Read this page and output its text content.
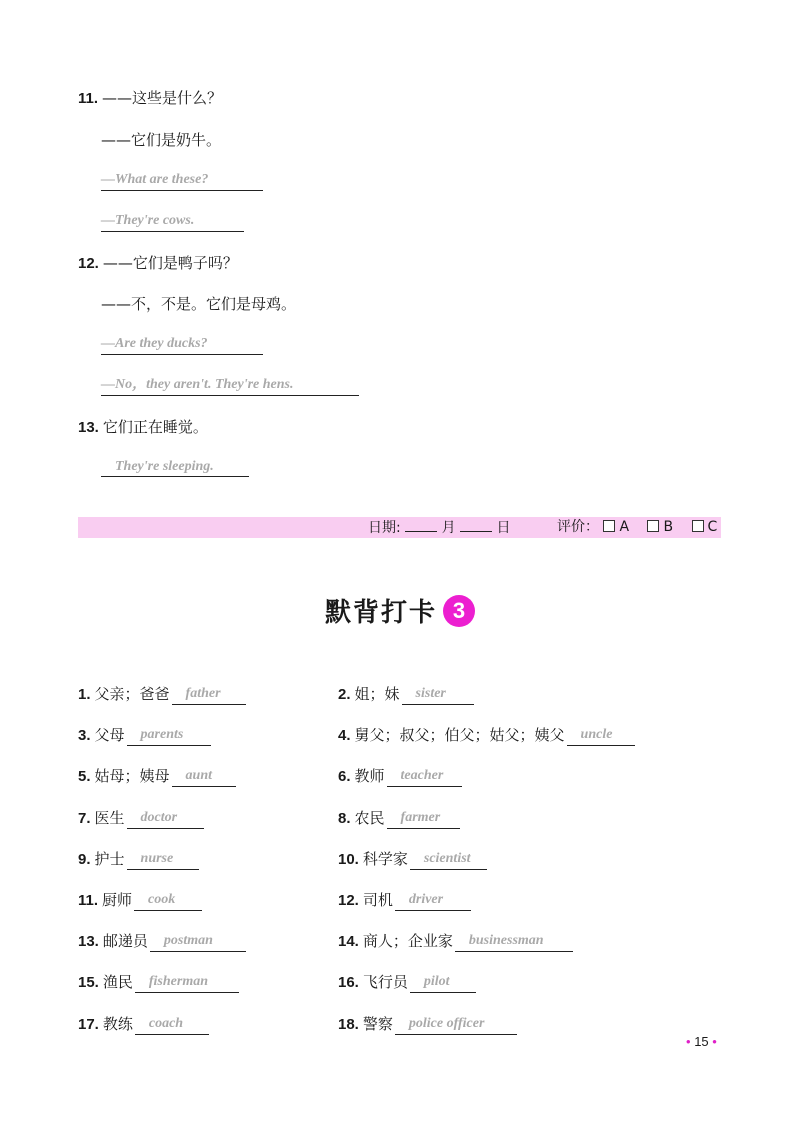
11. ——这些是什么？
——它们是奶牛。
—What are these?
—They're cows.
12. ——它们是鸭子吗？
——不，不是。它们是母鸡。
—Are they ducks?
—No，they aren't. They're hens.
13. 它们正在睡觉。
They're sleeping.
日期:	月	日	评价： A B C
默背打卡 3
1. 父亲；爸爸 father	2. 姐；妹 sister
3. 父母 parents	4. 舅父；叔父；伯父；姑父；姨父 uncle
5. 姑母；姨母 aunt	6. 教师 teacher
7. 医生 doctor	8. 农民 farmer
9. 护士 nurse	10. 科学家 scientist
11. 厨师 cook	12. 司机 driver
13. 邮递员 postman	14. 商人；企业家 businessman
15. 渔民 fisherman	16. 飞行员 pilot
17. 教练 coach	18. 警察 police officer
• 15 •
